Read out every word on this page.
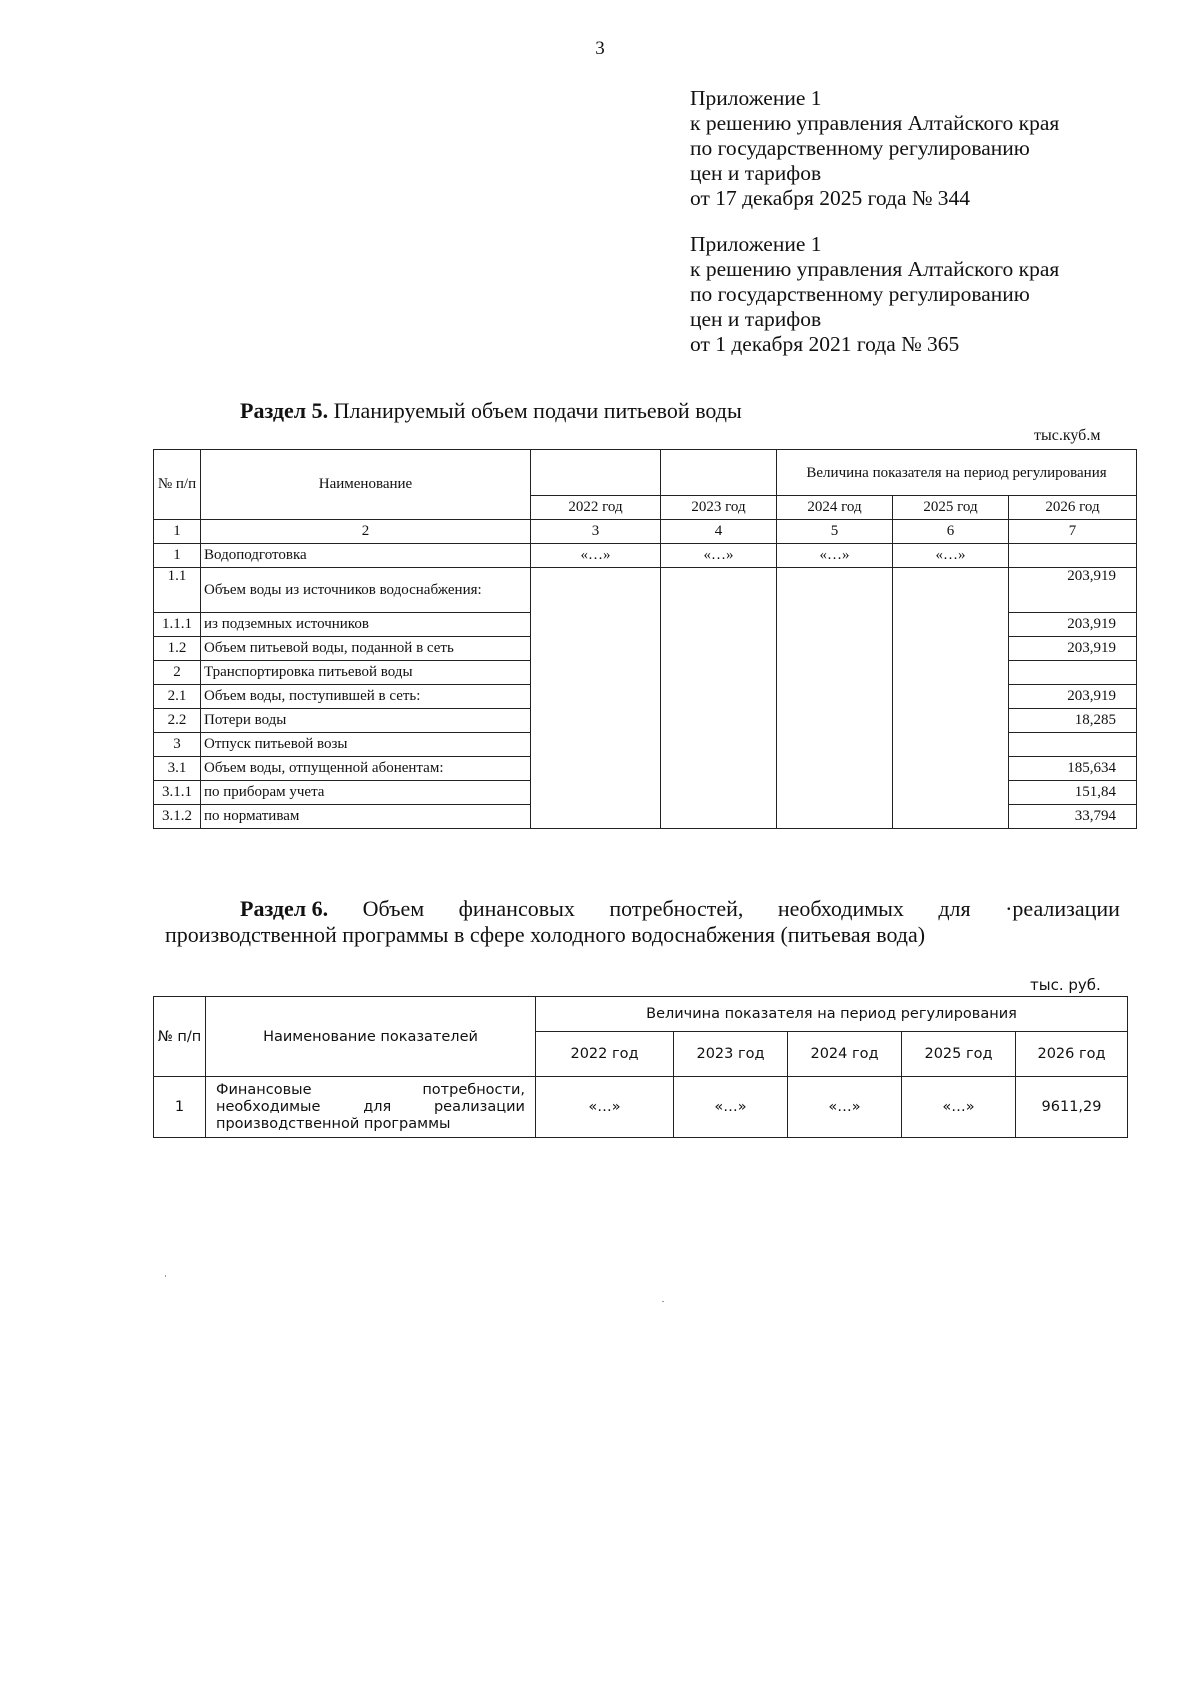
3
Приложение 1
к решению управления Алтайского края
по государственному регулированию
цен и тарифов
от 17 декабря 2025 года № 344
Приложение 1
к решению управления Алтайского края
по государственному регулированию
цен и тарифов
от 1 декабря 2021 года № 365
Раздел 5. Планируемый объем подачи питьевой воды
тыс.куб.м
№ п/п	Наименование			Величина показателя на период регулирования		
		2022 год	2023 год	2024 год	2025 год	2026 год
1	2	3	4	5	6	7
1	Водоподготовка	«…»	«…»	«…»	«…»	
1.1	Объем воды из источников водоснабжения:					203,919
1.1.1	из подземных источников					203,919
1.2	Объем питьевой воды, поданной в сеть					203,919
2	Транспортировка питьевой воды					
2.1	Объем воды, поступившей в сеть:					203,919
2.2	Потери воды					18,285
3	Отпуск питьевой возы					
3.1	Объем воды, отпущенной абонентам:					185,634
3.1.1	по приборам учета					151,84
3.1.2	по нормативам					33,794
Раздел 6. Объем финансовых потребностей, необходимых для ·реализации
производственной программы в сфере холодного водоснабжения (питьевая вода)
тыс. руб.
№ п/п	Наименование показателей	Величина показателя на период регулирования				
		2022 год	2023 год	2024 год	2025 год	2026 год
1	Финансовые потребности,
необходимые для реализации
производственной программы	«…»	«…»	«…»	«…»	9611,29
